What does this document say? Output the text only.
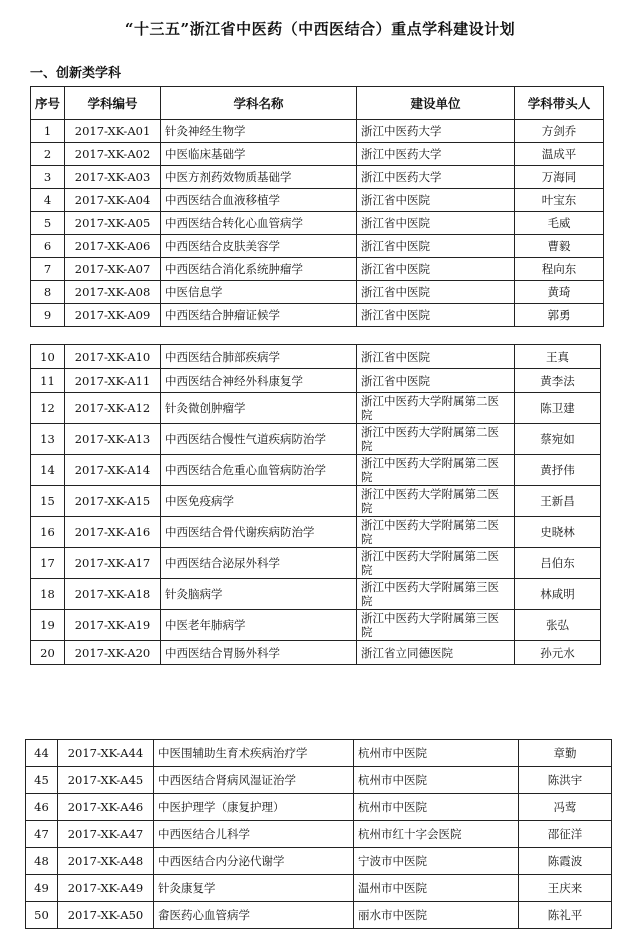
“十三五”浙江省中医药（中西医结合）重点学科建设计划
一、创新类学科
序号	学科编号	学科名称	建设单位	学科带头人
1	2017-XK-A01	针灸神经生物学	浙江中医药大学	方剑乔
2	2017-XK-A02	中医临床基础学	浙江中医药大学	温成平
3	2017-XK-A03	中医方剂药效物质基础学	浙江中医药大学	万海同
4	2017-XK-A04	中西医结合血液移植学	浙江省中医院	叶宝东
5	2017-XK-A05	中西医结合转化心血管病学	浙江省中医院	毛威
6	2017-XK-A06	中西医结合皮肤美容学	浙江省中医院	曹毅
7	2017-XK-A07	中西医结合消化系统肿瘤学	浙江省中医院	程向东
8	2017-XK-A08	中医信息学	浙江省中医院	黄琦
9	2017-XK-A09	中西医结合肿瘤证候学	浙江省中医院	郭勇
10	2017-XK-A10	中西医结合肺部疾病学	浙江省中医院	王真
11	2017-XK-A11	中西医结合神经外科康复学	浙江省中医院	黄李法
12	2017-XK-A12	针灸微创肿瘤学	浙江中医药大学附属第二医院	陈卫建
13	2017-XK-A13	中西医结合慢性气道疾病防治学	浙江中医药大学附属第二医院	蔡宛如
14	2017-XK-A14	中西医结合危重心血管病防治学	浙江中医药大学附属第二医院	黄抒伟
15	2017-XK-A15	中医免疫病学	浙江中医药大学附属第二医院	王新昌
16	2017-XK-A16	中西医结合骨代谢疾病防治学	浙江中医药大学附属第二医院	史晓林
17	2017-XK-A17	中西医结合泌尿外科学	浙江中医药大学附属第二医院	吕伯东
18	2017-XK-A18	针灸脑病学	浙江中医药大学附属第三医院	林咸明
19	2017-XK-A19	中医老年肺病学	浙江中医药大学附属第三医院	张弘
20	2017-XK-A20	中西医结合胃肠外科学	浙江省立同德医院	孙元水
44	2017-XK-A44	中医围辅助生育术疾病治疗学	杭州市中医院	章勤
45	2017-XK-A45	中西医结合肾病风湿证治学	杭州市中医院	陈洪宇
46	2017-XK-A46	中医护理学（康复护理）	杭州市中医院	冯莺
47	2017-XK-A47	中西医结合儿科学	杭州市红十字会医院	邵征洋
48	2017-XK-A48	中西医结合内分泌代谢学	宁波市中医院	陈霞波
49	2017-XK-A49	针灸康复学	温州市中医院	王庆来
50	2017-XK-A50	畲医药心血管病学	丽水市中医院	陈礼平
